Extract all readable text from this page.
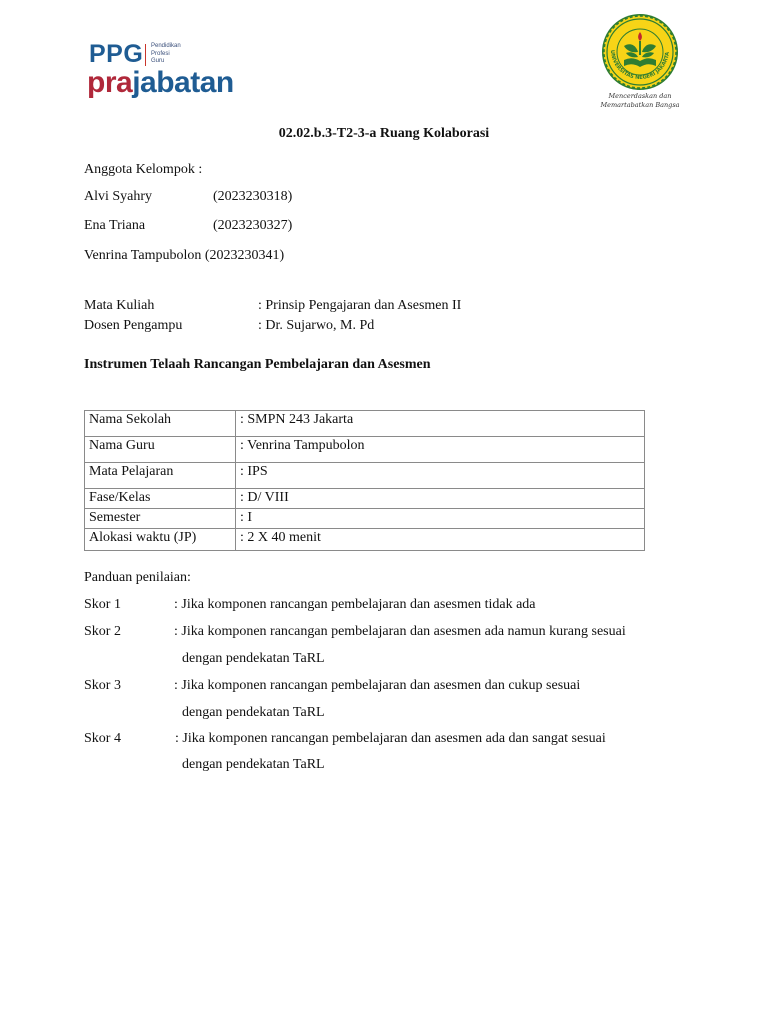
PPG Pendidikan
Profesi
Guru
prajabatan
UNIVERSITAS NEGERI JAKARTA
Mencerdaskan dan
Memartabatkan Bangsa
02.02.b.3-T2-3-a Ruang Kolaborasi
Anggota Kelompok :
Alvi Syahry	(2023230318)
Ena Triana	(2023230327)
Venrina Tampubolon (2023230341)
Mata Kuliah	: Prinsip Pengajaran dan Asesmen II
Dosen Pengampu	: Dr. Sujarwo, M. Pd
Instrumen Telaah Rancangan Pembelajaran dan Asesmen
Nama Sekolah	: SMPN 243 Jakarta
Nama Guru	: Venrina Tampubolon
Mata Pelajaran	: IPS
Fase/Kelas	: D/ VIII
Semester	: I
Alokasi waktu (JP)	: 2 X 40 menit
Panduan penilaian:
Skor 1	: Jika komponen rancangan pembelajaran dan asesmen tidak ada
Skor 2	: Jika komponen rancangan pembelajaran dan asesmen ada namun kurang sesuai
dengan pendekatan TaRL
Skor 3	: Jika komponen rancangan pembelajaran dan asesmen dan cukup sesuai
dengan pendekatan TaRL
Skor 4	: Jika komponen rancangan pembelajaran dan asesmen ada dan sangat sesuai
dengan pendekatan TaRL
